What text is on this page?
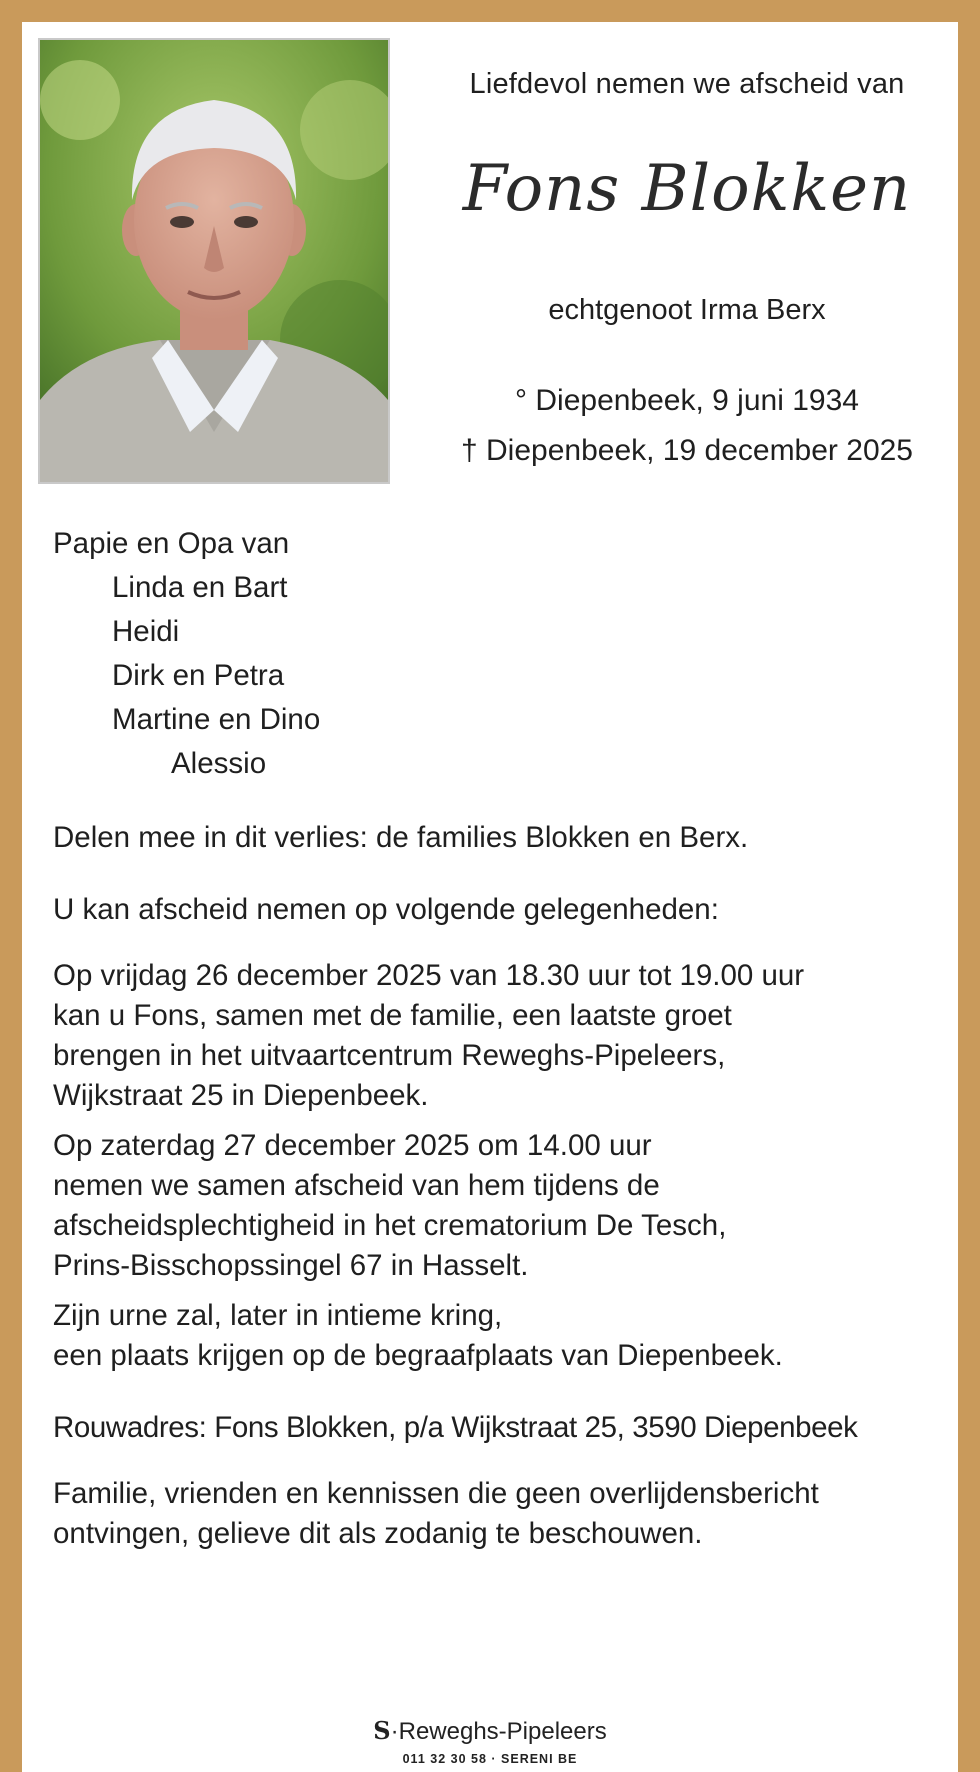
Liefdevol nemen we afscheid van
Fons Blokken
echtgenoot Irma Berx
° Diepenbeek, 9 juni 1934
† Diepenbeek, 19 december 2025
Papie en Opa van
Linda en Bart
Heidi
Dirk en Petra
Martine en Dino
Alessio
Delen mee in dit verlies: de families Blokken en Berx.
U kan afscheid nemen op volgende gelegenheden:
Op vrijdag 26 december 2025 van 18.30 uur tot 19.00 uur
kan u Fons, samen met de familie, een laatste groet
brengen in het uitvaartcentrum Reweghs-Pipeleers,
Wijkstraat 25 in Diepenbeek.
Op zaterdag 27 december 2025 om 14.00 uur
nemen we samen afscheid van hem tijdens de
afscheidsplechtigheid in het crematorium De Tesch,
Prins-Bisschopssingel 67 in Hasselt.
Zijn urne zal, later in intieme kring,
een plaats krijgen op de begraafplaats van Diepenbeek.
Rouwadres: Fons Blokken, p/a Wijkstraat 25, 3590 Diepenbeek
Familie, vrienden en kennissen die geen overlijdensbericht
ontvingen, gelieve dit als zodanig te beschouwen.
S·Reweghs-Pipeleers
011 32 30 58 · SERENI BE
